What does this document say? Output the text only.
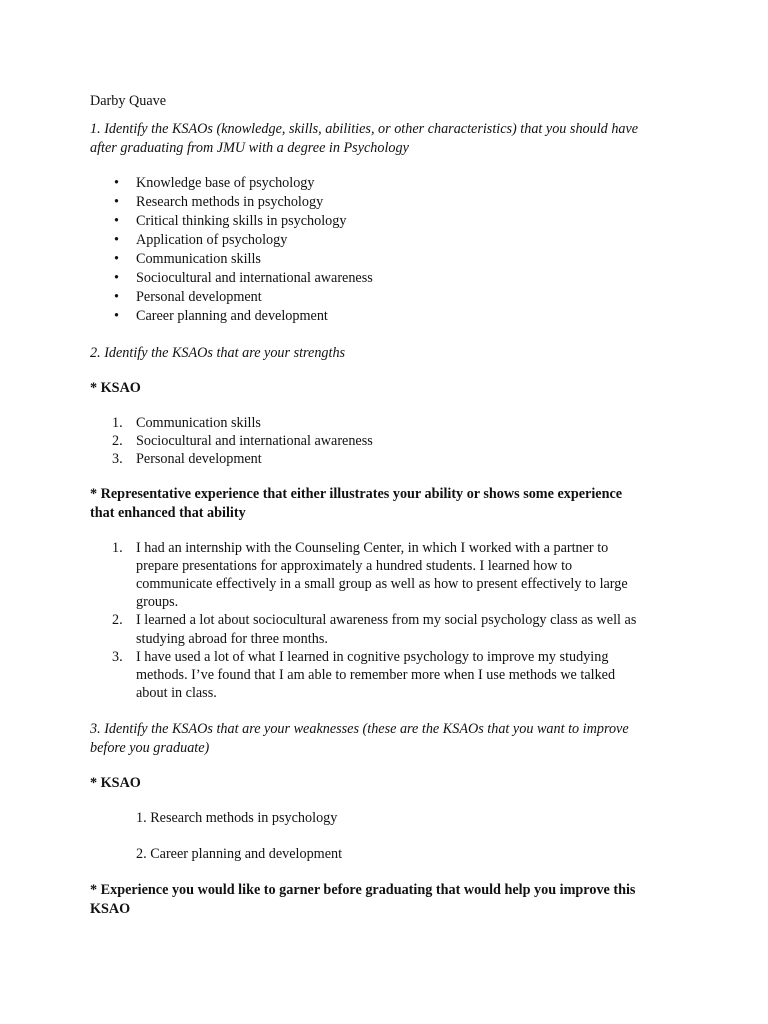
Darby Quave
1. Identify the KSAOs (knowledge, skills, abilities, or other characteristics) that you should have
after graduating from JMU with a degree in Psychology
• Knowledge base of psychology
• Research methods in psychology
• Critical thinking skills in psychology
• Application of psychology
• Communication skills
• Sociocultural and international awareness
• Personal development
• Career planning and development
2. Identify the KSAOs that are your strengths
* KSAO
1. Communication skills
2. Sociocultural and international awareness
3. Personal development
* Representative experience that either illustrates your ability or shows some experience
that enhanced that ability
1. I had an internship with the Counseling Center, in which I worked with a partner to
prepare presentations for approximately a hundred students. I learned how to
communicate effectively in a small group as well as how to present effectively to large
groups.
2. I learned a lot about sociocultural awareness from my social psychology class as well as
studying abroad for three months.
3. I have used a lot of what I learned in cognitive psychology to improve my studying
methods. I’ve found that I am able to remember more when I use methods we talked
about in class.
3. Identify the KSAOs that are your weaknesses (these are the KSAOs that you want to improve
before you graduate)
* KSAO
1. Research methods in psychology
2. Career planning and development
* Experience you would like to garner before graduating that would help you improve this
KSAO
